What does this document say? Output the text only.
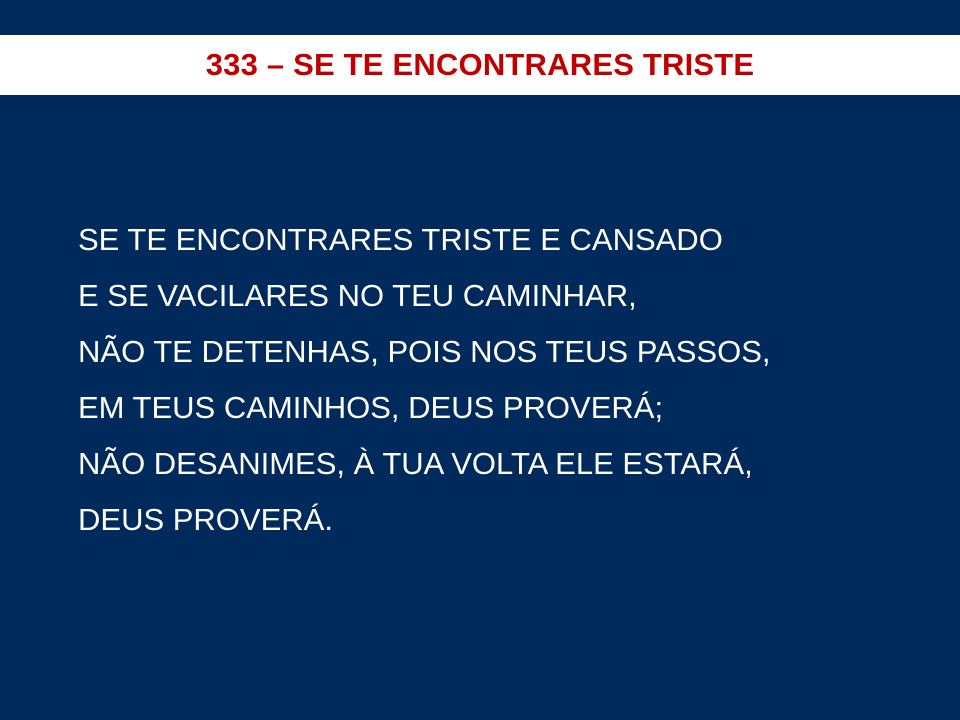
333 – SE TE ENCONTRARES TRISTE
SE TE ENCONTRARES TRISTE E CANSADO
E SE VACILARES NO TEU CAMINHAR,
NÃO TE DETENHAS, POIS NOS TEUS PASSOS,
EM TEUS CAMINHOS, DEUS PROVERÁ;
NÃO DESANIMES, À TUA VOLTA ELE ESTARÁ,
DEUS PROVERÁ.
